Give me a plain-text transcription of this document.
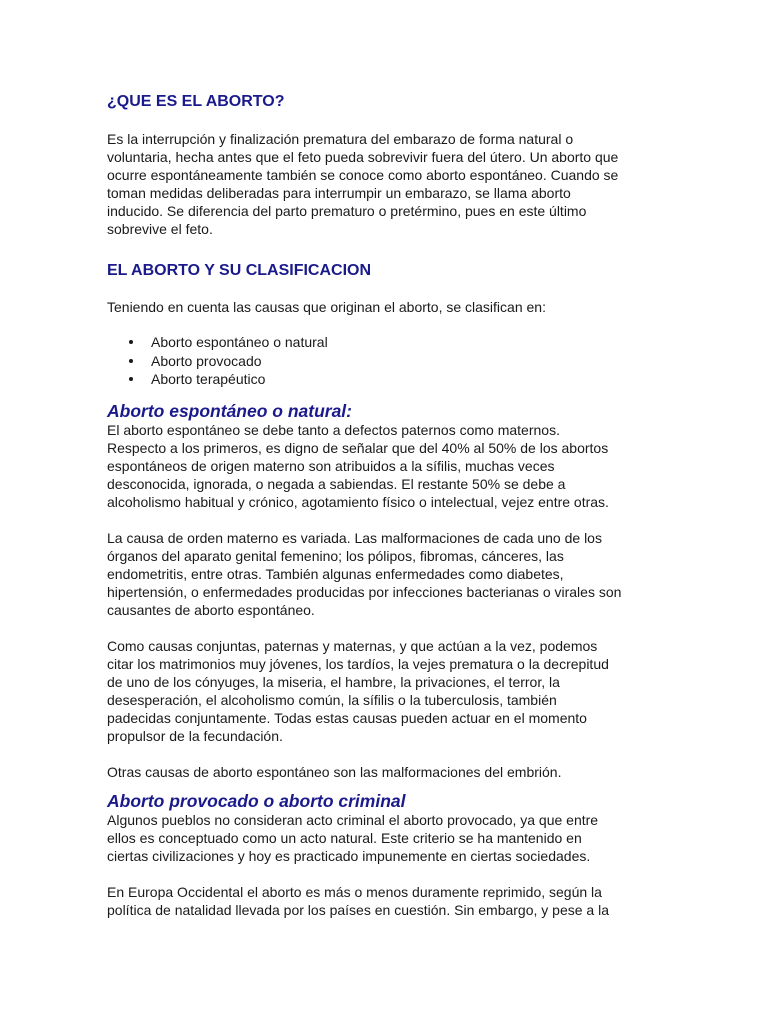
¿QUE ES EL ABORTO?

Es la interrupción y finalización prematura del embarazo de forma natural o
voluntaria, hecha antes que el feto pueda sobrevivir fuera del útero. Un aborto que
ocurre espontáneamente también se conoce como aborto espontáneo. Cuando se
toman medidas deliberadas para interrumpir un embarazo, se llama aborto
inducido. Se diferencia del parto prematuro o pretérmino, pues en este último
sobrevive el feto.

EL ABORTO Y SU CLASIFICACION

Teniendo en cuenta las causas que originan el aborto, se clasifican en:

Aborto espontáneo o natural
Aborto provocado
Aborto terapéutico
Aborto espontáneo o natural:

El aborto espontáneo se debe tanto a defectos paternos como maternos.
Respecto a los primeros, es digno de señalar que del 40% al 50% de los abortos
espontáneos de origen materno son atribuidos a la sífilis, muchas veces
desconocida, ignorada, o negada a sabiendas. El restante 50% se debe a
alcoholismo habitual y crónico, agotamiento físico o intelectual, vejez entre otras.

La causa de orden materno es variada. Las malformaciones de cada uno de los
órganos del aparato genital femenino; los pólipos, fibromas, cánceres, las
endometritis, entre otras. También algunas enfermedades como diabetes,
hipertensión, o enfermedades producidas por infecciones bacterianas o virales son
causantes de aborto espontáneo.

Como causas conjuntas, paternas y maternas, y que actúan a la vez, podemos
citar los matrimonios muy jóvenes, los tardíos, la vejes prematura o la decrepitud
de uno de los cónyuges, la miseria, el hambre, la privaciones, el terror, la
desesperación, el alcoholismo común, la sífilis o la tuberculosis, también
padecidas conjuntamente. Todas estas causas pueden actuar en el momento
propulsor de la fecundación.

Otras causas de aborto espontáneo son las malformaciones del embrión.

Aborto provocado o aborto criminal

Algunos pueblos no consideran acto criminal el aborto provocado, ya que entre
ellos es conceptuado como un acto natural. Este criterio se ha mantenido en
ciertas civilizaciones y hoy es practicado impunemente en ciertas sociedades.

En Europa Occidental el aborto es más o menos duramente reprimido, según la
política de natalidad llevada por los países en cuestión. Sin embargo, y pese a la
